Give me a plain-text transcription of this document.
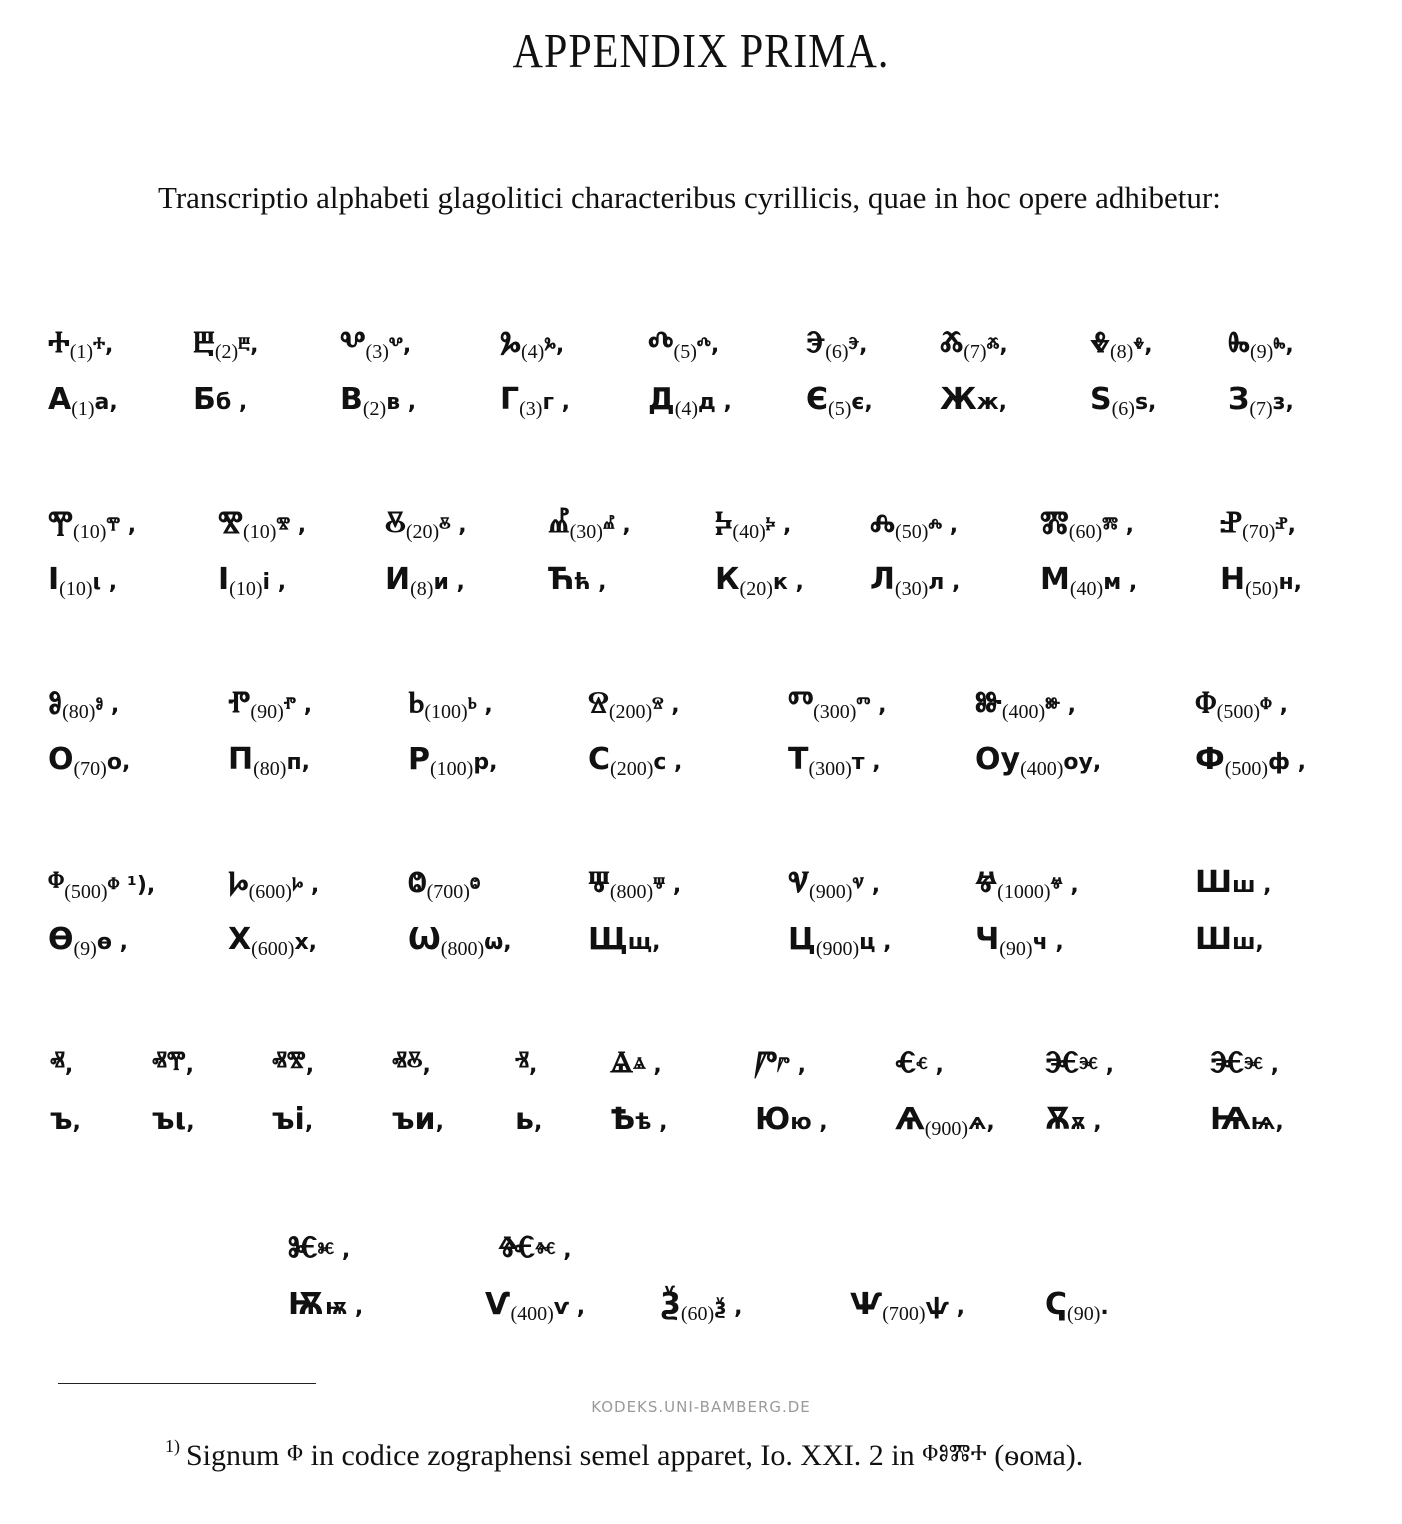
APPENDIX PRIMA.
Transcriptio alphabeti glagolitici characteribus cyrillicis, quae in hoc opere adhibetur:
Ⰰ$_{(1)}$ⰰ,	Ⰱ$_{(2)}$ⰱ,	Ⰲ$_{(3)}$ⰲ,	Ⰳ$_{(4)}$ⰳ,	Ⰴ$_{(5)}$ⰴ,	Ⰵ$_{(6)}$ⰵ, Ⰶ$_{(7)}$ⰶ,	Ⰷ$_{(8)}$ⰷ,	Ⰸ$_{(9)}$ⰸ,
$А_{(1)}а$,	Бб ,	$В_{(2)}в$ ,	$Г_{(3)}г$ ,	$Д_{(4)}д$ , $Є_{(5)}є$, Жж,	$Ѕ_{(6)}ѕ$, $З_{(7)}з$,
Ⰹ$_{(10)}$ⰹ ,	Ⰺ$_{(10)}$ⰺ ,	Ⰻ$_{(20)}$ⰻ ,	Ⰼ$_{(30)}$ⰼ ,	Ⰽ$_{(40)}$ⰽ ,	Ⰾ$_{(50)}$ⰾ ,	Ⰿ$_{(60)}$ⰿ ,	Ⱀ$_{(70)}$ⱀ,
$I_{(10)}\iota$ ,	$І_{(10)}і$ ,	$И_{(8)}и$ ,	Ћћ ,	$К_{(20)}к$ , $Л_{(30)}л$ ,	$М_{(40)}м$ ,	$Н_{(50)}н$,
Ⱁ$_{(80)}$ⱁ ,	Ⱂ$_{(90)}$ⱂ ,	Ⱃ$_{(100)}$ⱃ ,	Ⱄ$_{(200)}$ⱄ ,	Ⱅ$_{(300)}$ⱅ ,	Ⱆ$_{(400)}$ⱆ ,	Ⱇ$_{(500)}$ⱇ ,
$О_{(70)}о$,	$П_{(80)}п$,	$Р_{(100)}р$,	$С_{(200)}с$ ,	$Т_{(300)}т$ ,	$Оу_{(400)}оу$,	$Ф_{(500)}ф$ ,
ⱇ$_{(500)}$ⱇ ¹), Ⱈ$_{(600)}$ⱈ ,	Ⱉ$_{(700)}$ⱉ	Ⱋ$_{(800)}$ⱋ ,	Ⱌ$_{(900)}$ⱌ ,	Ⱍ$_{(1000)}$ⱍ ,	Шш ,
$Ѳ_{(9)}ѳ$ ,	$Х_{(600)}х$,	$Ѡ_{(800)}ѡ$,	Щщ,	$Ц_{(900)}ц$ ,	$Ч_{(90)}ч$ ,	Шш,
ⱏ,	ⱏⰹ,	ⱏⰺ,	ⱏⰻ,	ⱐ, Ⱑⱑ ,	Ⱓⱓ ,	Ⱔⱔ ,	Ⱗⱗ ,	Ⱗⱗ ,
ъ, ъι,	ъі,	ъи, ь, Ѣѣ ,	Юю , $Ѧ_{(900)}ѧ$, Ѫѫ ,	Ѩѩ,
Ⱘⱘ ,	Ⱙⱙ ,
Ѭѭ ,	$Ѵ_{(400)}ѵ$ , $Ѯ_{(60)}ѯ$ ,	$Ѱ_{(700)}ѱ$ ,	$Ҁ_{(90)}$.
KODEKS.UNI-BAMBERG.DE
$^{1)}$ Signum ⱇ in codice zographensi semel apparet, Io. XXI. 2 in ⱇⱁⰿⰰ (ѳома).
